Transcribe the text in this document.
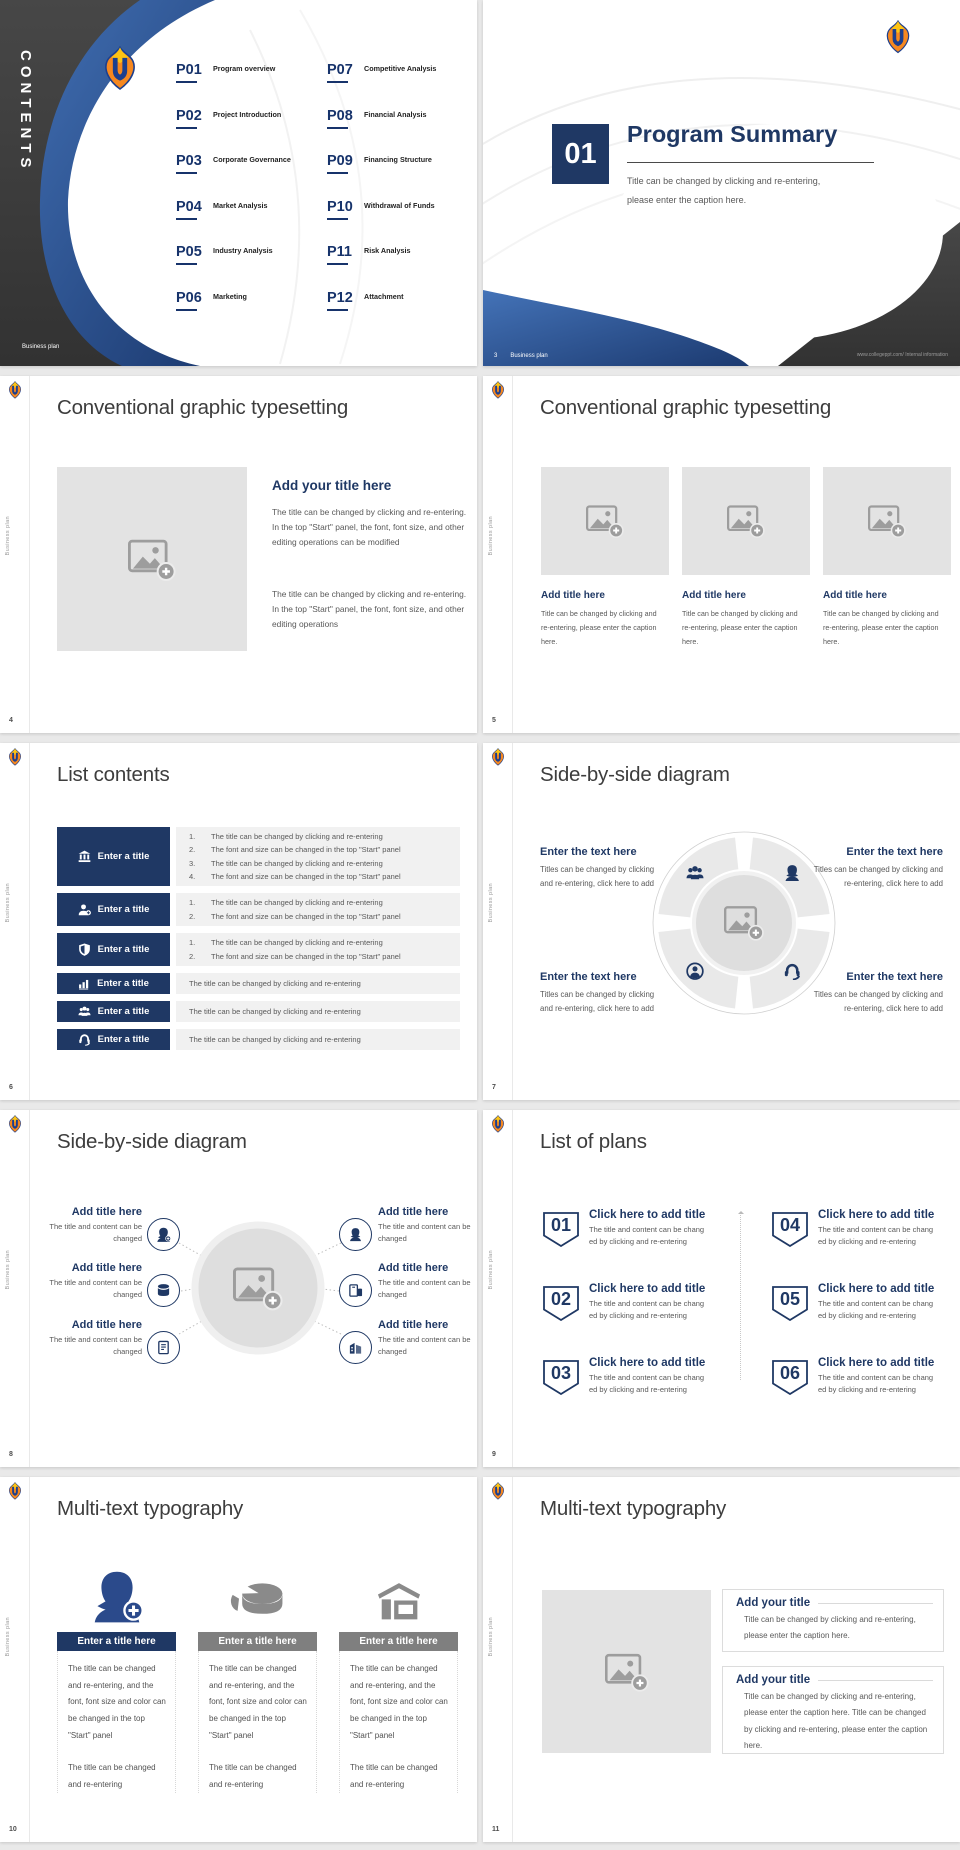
CONTENTS	P01	Program overview
P02	Project Introduction
P03	Corporate Governance
P04	Market Analysis
P05	Industry Analysis
P06	Marketing
P07	Competitive Analysis
P08	Financial Analysis
P09	Financing Structure
P10	Withdrawal of Funds
P11	Risk Analysis
P12	Attachment
Business plan
01
Program Summary
Title can be changed by clicking and re-entering,
please enter the caption here.
3 Business plan	www.collegeppt.com/ Internal information
Business plan
4
Conventional graphic typesetting
Add your title here
The title can be changed by clicking and re-entering. In the top "Start" panel, the font, font size, and other editing operations can be modified
The title can be changed by clicking and re-entering. In the top "Start" panel, the font, font size, and other editing operations
Business plan
5
Conventional graphic typesetting
Add title here
Title can be changed by clicking and re-entering, please enter the caption here.
Add title here
Title can be changed by clicking and re-entering, please enter the caption here.
Add title here
Title can be changed by clicking and re-entering, please enter the caption here.
Business plan
6
List contents
Enter a title
1.	The title can be changed by clicking and re-entering
2.	The font and size can be changed in the top "Start" panel
3.	The title can be changed by clicking and re-entering
4.	The font and size can be changed in the top "Start" panel
Enter a title
1.	The title can be changed by clicking and re-entering
2.	The font and size can be changed in the top "Start" panel
Enter a title
1.	The title can be changed by clicking and re-entering
2.	The font and size can be changed in the top "Start" panel
Enter a title	The title can be changed by clicking and re-entering
Enter a title	The title can be changed by clicking and re-entering
Enter a title	The title can be changed by clicking and re-entering
Business plan
7
Side-by-side diagram
Enter the text here
Titles can be changed by clicking and re-entering, click here to add
Enter the text here
Titles can be changed by clicking and re-entering, click here to add
Enter the text here
Titles can be changed by clicking and re-entering, click here to add
Enter the text here
Titles can be changed by clicking and re-entering, click here to add
Business plan
8
Side-by-side diagram
Add title here
The title and content can be changed
Add title here
The title and content can be changed
Add title here
The title and content can be changed
Add title here
The title and content can be changed
Add title here
The title and content can be changed
Add title here
The title and content can be changed
Business plan
9
List of plans
01	Click here to add title
The title and content can be chang
ed by clicking and re-entering
02	Click here to add title
The title and content can be chang
ed by clicking and re-entering
03	Click here to add title
The title and content can be chang
ed by clicking and re-entering
04	Click here to add title
The title and content can be chang
ed by clicking and re-entering
05	Click here to add title
The title and content can be chang
ed by clicking and re-entering
06	Click here to add title
The title and content can be chang
ed by clicking and re-entering
Business plan
10
Multi-text typography
Enter a title here	Enter a title here	Enter a title here
The title can be changed and re-entering, and the font, font size and color can be changed in the top "Start" panel
The title can be changed and re-entering
The title can be changed and re-entering, and the font, font size and color can be changed in the top "Start" panel
The title can be changed and re-entering
The title can be changed and re-entering, and the font, font size and color can be changed in the top "Start" panel
The title can be changed and re-entering
Business plan
11
Multi-text typography
Add your title
Title can be changed by clicking and re-entering, please enter the caption here.
Add your title
Title can be changed by clicking and re-entering, please enter the caption here. Title can be changed by clicking and re-entering, please enter the caption here.
